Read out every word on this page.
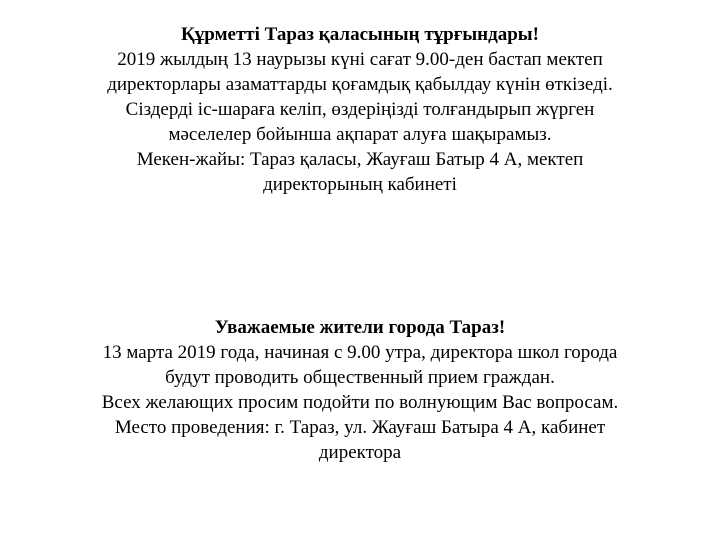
Құрметті Тараз қаласының тұрғындары!
2019 жылдың 13 наурызы күні сағат 9.00-ден бастап мектеп
директорлары азаматтарды қоғамдық қабылдау күнін өткізеді.
Сіздерді іс-шараға келіп, өздеріңізді толғандырып жүрген
мәселелер бойынша ақпарат алуға шақырамыз.
Мекен-жайы: Тараз қаласы, Жауғаш Батыр 4 А, мектеп
директорының кабинеті
Уважаемые жители города Тараз!
13 марта 2019 года, начиная с 9.00 утра, директора школ города
будут проводить общественный прием граждан.
Всех желающих просим подойти по волнующим Вас вопросам.
Место проведения: г. Тараз, ул. Жауғаш Батыра 4 А, кабинет
директора
